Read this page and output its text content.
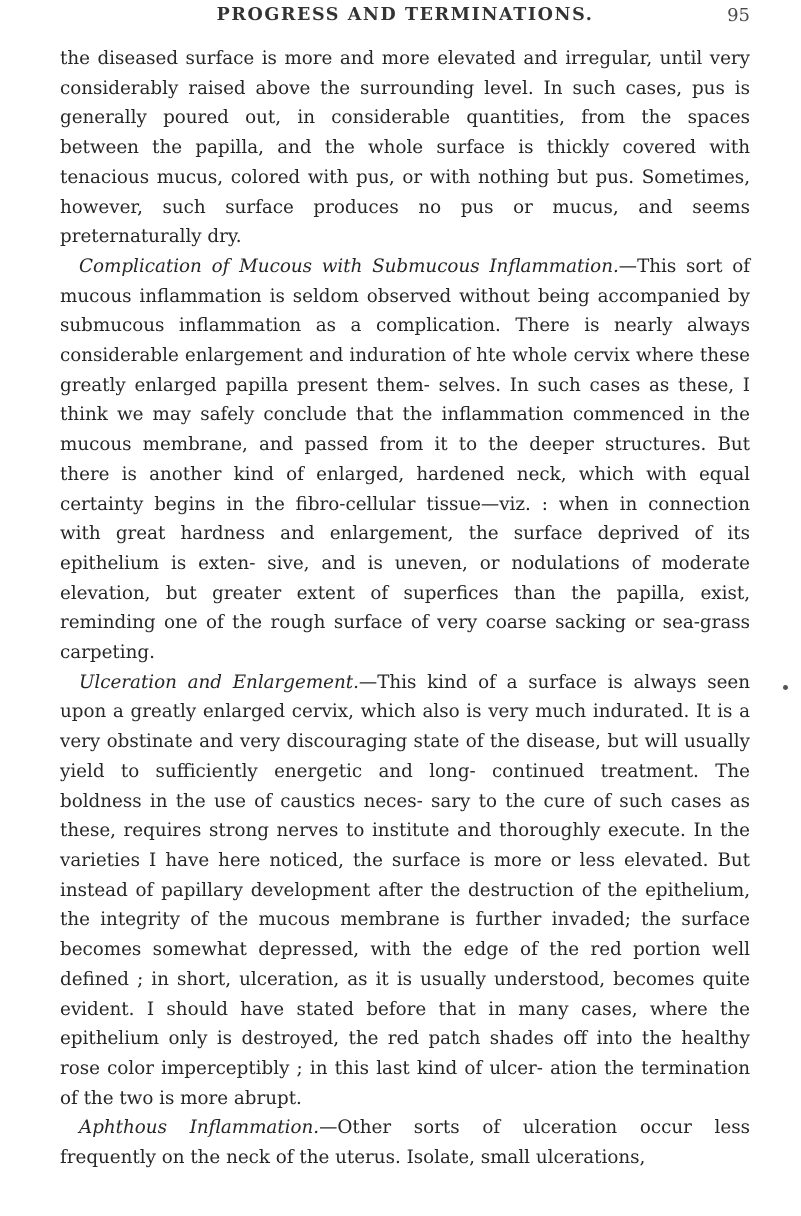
PROGRESS AND TERMINATIONS.	95

the diseased surface is more and more elevated and irregular, until very considerably raised above the surrounding level. In such cases, pus is generally poured out, in considerable quantities, from the spaces between the papilla, and the whole surface is thickly covered with tenacious mucus, colored with pus, or with nothing but pus. Sometimes, however, such surface produces no pus or mucus, and seems preternaturally dry.

Complication of Mucous with Submucous Inflammation.—This sort of mucous inflammation is seldom observed without being accompanied by submucous inflammation as a complication. There is nearly always considerable enlargement and induration of hte whole cervix where these greatly enlarged papilla present them- selves. In such cases as these, I think we may safely conclude that the inflammation commenced in the mucous membrane, and passed from it to the deeper structures. But there is another kind of enlarged, hardened neck, which with equal certainty begins in the fibro-cellular tissue—viz. : when in connection with great hardness and enlargement, the surface deprived of its epithelium is exten- sive, and is uneven, or nodulations of moderate elevation, but greater extent of superfices than the papilla, exist, reminding one of the rough surface of very coarse sacking or sea-grass carpeting.

Ulceration and Enlargement.—This kind of a surface is always seen upon a greatly enlarged cervix, which also is very much indurated. It is a very obstinate and very discouraging state of the disease, but will usually yield to sufficiently energetic and long- continued treatment. The boldness in the use of caustics neces- sary to the cure of such cases as these, requires strong nerves to institute and thoroughly execute. In the varieties I have here noticed, the surface is more or less elevated. But instead of papillary development after the destruction of the epithelium, the integrity of the mucous membrane is further invaded; the surface becomes somewhat depressed, with the edge of the red portion well defined ; in short, ulceration, as it is usually understood, becomes quite evident. I should have stated before that in many cases, where the epithelium only is destroyed, the red patch shades off into the healthy rose color imperceptibly ; in this last kind of ulcer- ation the termination of the two is more abrupt.

Aphthous Inflammation.—Other sorts of ulceration occur less frequently on the neck of the uterus. Isolate, small ulcerations,
